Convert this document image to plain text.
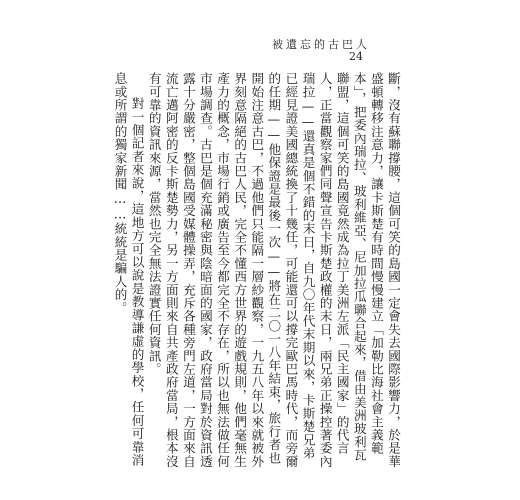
被遺忘的古巴人
24

斷，沒有蘇聯撐腰，這個可笑的島國一定會失去國際影響力，於是華盛頓轉移注意力，讓卡斯楚有時間慢慢建立「加勒比海社會主義範本」，把委內瑞拉、玻利維亞、尼加拉瓜聯合起來，借由美洲玻利瓦聯盟，這個可笑的島國竟然成為拉丁美洲左派「民主國家」的代言人，正當觀察家們同聲宣告卡斯楚政權的末日，兩兄弟正操控著委內瑞拉——還真是個不錯的末日，自九〇年代末期以來，卡斯楚兄弟已經見證美國總統換了十幾任，可能還可以撐完歐巴馬時代，而旁爾的任期——他保證是最後一次——將在二〇一八年結束，旅行者也開始注意古巴，不過他們只能隔一層紗觀察，一九五八年以來就被外界刻意隔絕的古巴人民，完全不懂西方世界的遊戲規則，他們毫無生產力的概念，市場行銷或廣告至今都完全不存在，所以也無法做任何市場調查。古巴是個充滿秘密與陰暗面的國家，政府當局對於資訊透露十分嚴密，整個島國受媒體操弄，充斥各種旁門左道，一方面來自流亡邁阿密的反卡斯楚勢力，另一方面則來自共產政府當局，根本沒有可靠的資訊來源，當然也完全無法證實任何資訊。

對一個記者來說，這地方可以說是教導謙虛的學校，任何可靠消息或所謂的獨家新聞……統統是騙人的。
